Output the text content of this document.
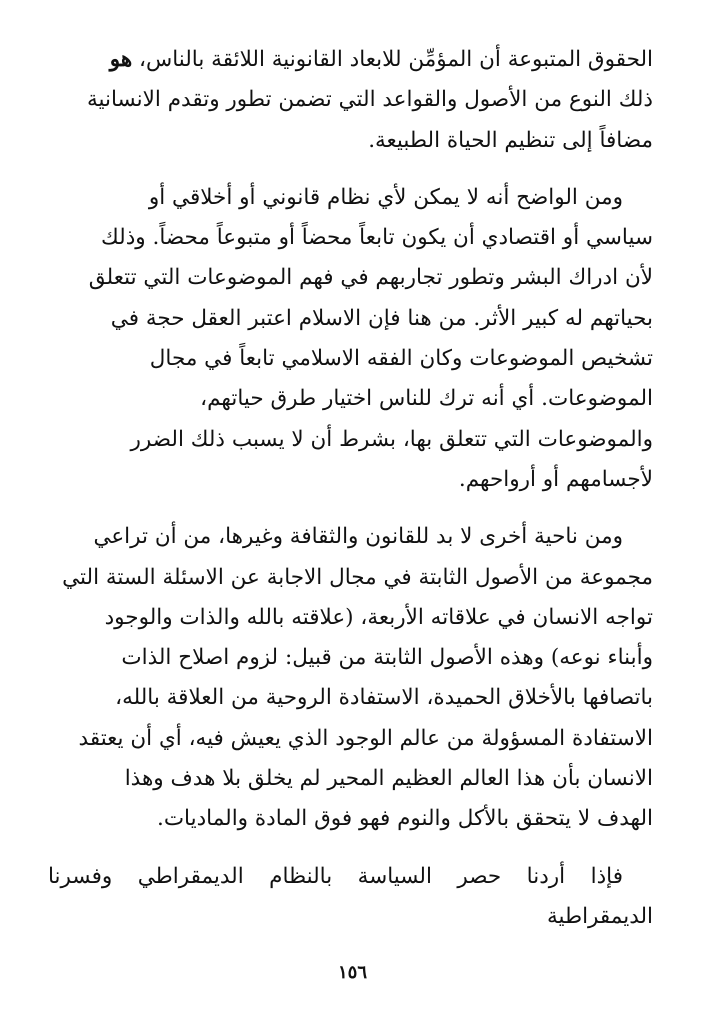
الحقوق المتبوعة أن المؤمِّن للابعاد القانونية اللائقة بالناس، هو
ذلك النوع من الأصول والقواعد التي تضمن تطور وتقدم الانسانية
مضافاً إلى تنظيم الحياة الطبيعة.

ومن الواضح أنه لا يمكن لأي نظام قانوني أو أخلاقي أو
سياسي أو اقتصادي أن يكون تابعاً محضاً أو متبوعاً محضاً. وذلك
لأن ادراك البشر وتطور تجاربهم في فهم الموضوعات التي تتعلق
بحياتهم له كبير الأثر. من هنا فإن الاسلام اعتبر العقل حجة في
تشخيص الموضوعات وكان الفقه الاسلامي تابعاً في مجال
الموضوعات. أي أنه ترك للناس اختيار طرق حياتهم،
والموضوعات التي تتعلق بها، بشرط أن لا يسبب ذلك الضرر
لأجسامهم أو أرواحهم.

ومن ناحية أخرى لا بد للقانون والثقافة وغيرها، من أن تراعي
مجموعة من الأصول الثابتة في مجال الاجابة عن الاسئلة الستة التي
تواجه الانسان في علاقاته الأربعة، (علاقته بالله والذات والوجود
وأبناء نوعه) وهذه الأصول الثابتة من قبيل: لزوم اصلاح الذات
باتصافها بالأخلاق الحميدة، الاستفادة الروحية من العلاقة بالله،
الاستفادة المسؤولة من عالم الوجود الذي يعيش فيه، أي أن يعتقد
الانسان بأن هذا العالم العظيم المحير لم يخلق بلا هدف وهذا
الهدف لا يتحقق بالأكل والنوم فهو فوق المادة والماديات.

فإذا أردنا حصر السياسة بالنظام الديمقراطي وفسرنا الديمقراطية

١٥٦
